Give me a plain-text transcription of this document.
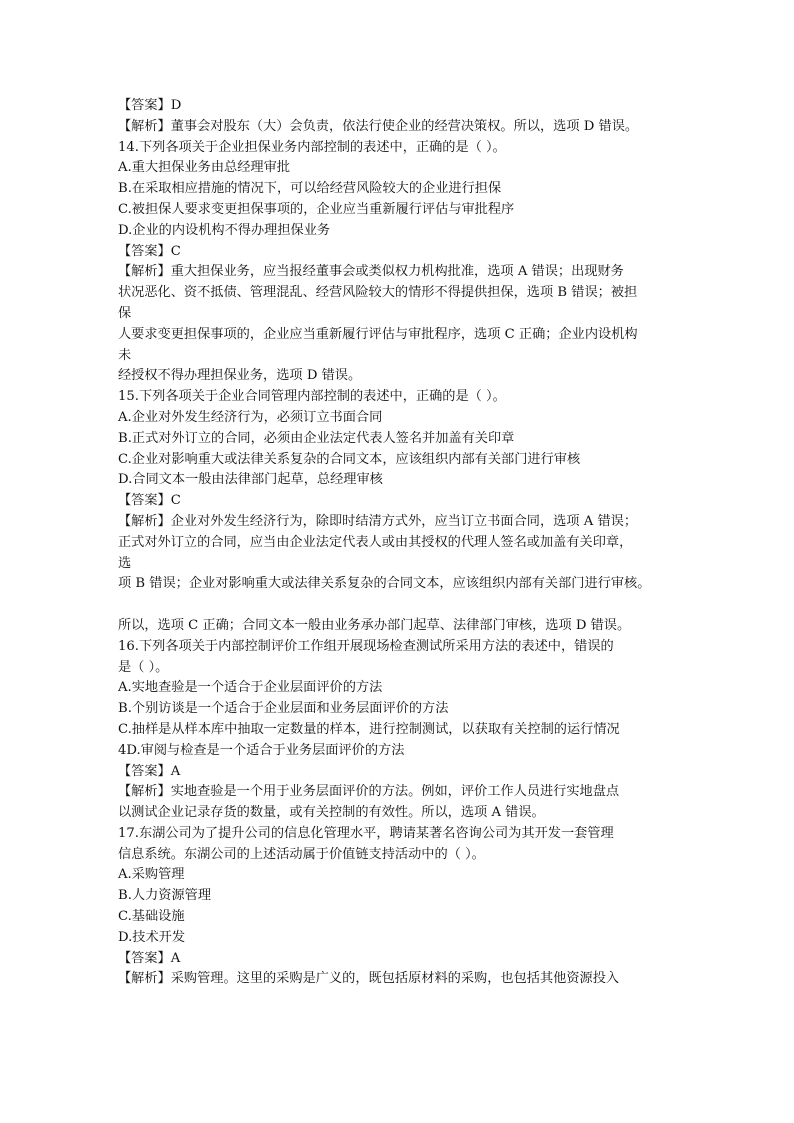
【答案】D
【解析】董事会对股东（大）会负责，依法行使企业的经营决策权。所以，选项 D 错误。
14.下列各项关于企业担保业务内部控制的表述中，正确的是（ ）。
A.重大担保业务由总经理审批
B.在采取相应措施的情况下，可以给经营风险较大的企业进行担保
C.被担保人要求变更担保事项的，企业应当重新履行评估与审批程序
D.企业的内设机构不得办理担保业务
【答案】C
【解析】重大担保业务，应当报经董事会或类似权力机构批准，选项 A 错误；出现财务
状况恶化、资不抵债、管理混乱、经营风险较大的情形不得提供担保，选项 B 错误；被担
保
人要求变更担保事项的，企业应当重新履行评估与审批程序，选项 C 正确；企业内设机构
未
经授权不得办理担保业务，选项 D 错误。
15.下列各项关于企业合同管理内部控制的表述中，正确的是（ ）。
A.企业对外发生经济行为，必须订立书面合同
B.正式对外订立的合同，必须由企业法定代表人签名并加盖有关印章
C.企业对影响重大或法律关系复杂的合同文本，应该组织内部有关部门进行审核
D.合同文本一般由法律部门起草，总经理审核
【答案】C
【解析】企业对外发生经济行为，除即时结清方式外，应当订立书面合同，选项 A 错误；
正式对外订立的合同，应当由企业法定代表人或由其授权的代理人签名或加盖有关印章，
选
项 B 错误；企业对影响重大或法律关系复杂的合同文本，应该组织内部有关部门进行审核。
所以，选项 C 正确；合同文本一般由业务承办部门起草、法律部门审核，选项 D 错误。
16.下列各项关于内部控制评价工作组开展现场检查测试所采用方法的表述中，错误的
是（ ）。
A.实地查验是一个适合于企业层面评价的方法
B.个别访谈是一个适合于企业层面和业务层面评价的方法
C.抽样是从样本库中抽取一定数量的样本，进行控制测试，以获取有关控制的运行情况
4D.审阅与检查是一个适合于业务层面评价的方法
【答案】A
【解析】实地查验是一个用于业务层面评价的方法。例如，评价工作人员进行实地盘点
以测试企业记录存货的数量，或有关控制的有效性。所以，选项 A 错误。
17.东湖公司为了提升公司的信息化管理水平，聘请某著名咨询公司为其开发一套管理
信息系统。东湖公司的上述活动属于价值链支持活动中的（ ）。
A.采购管理
B.人力资源管理
C.基础设施
D.技术开发
【答案】A
【解析】采购管理。这里的采购是广义的，既包括原材料的采购，也包括其他资源投入
